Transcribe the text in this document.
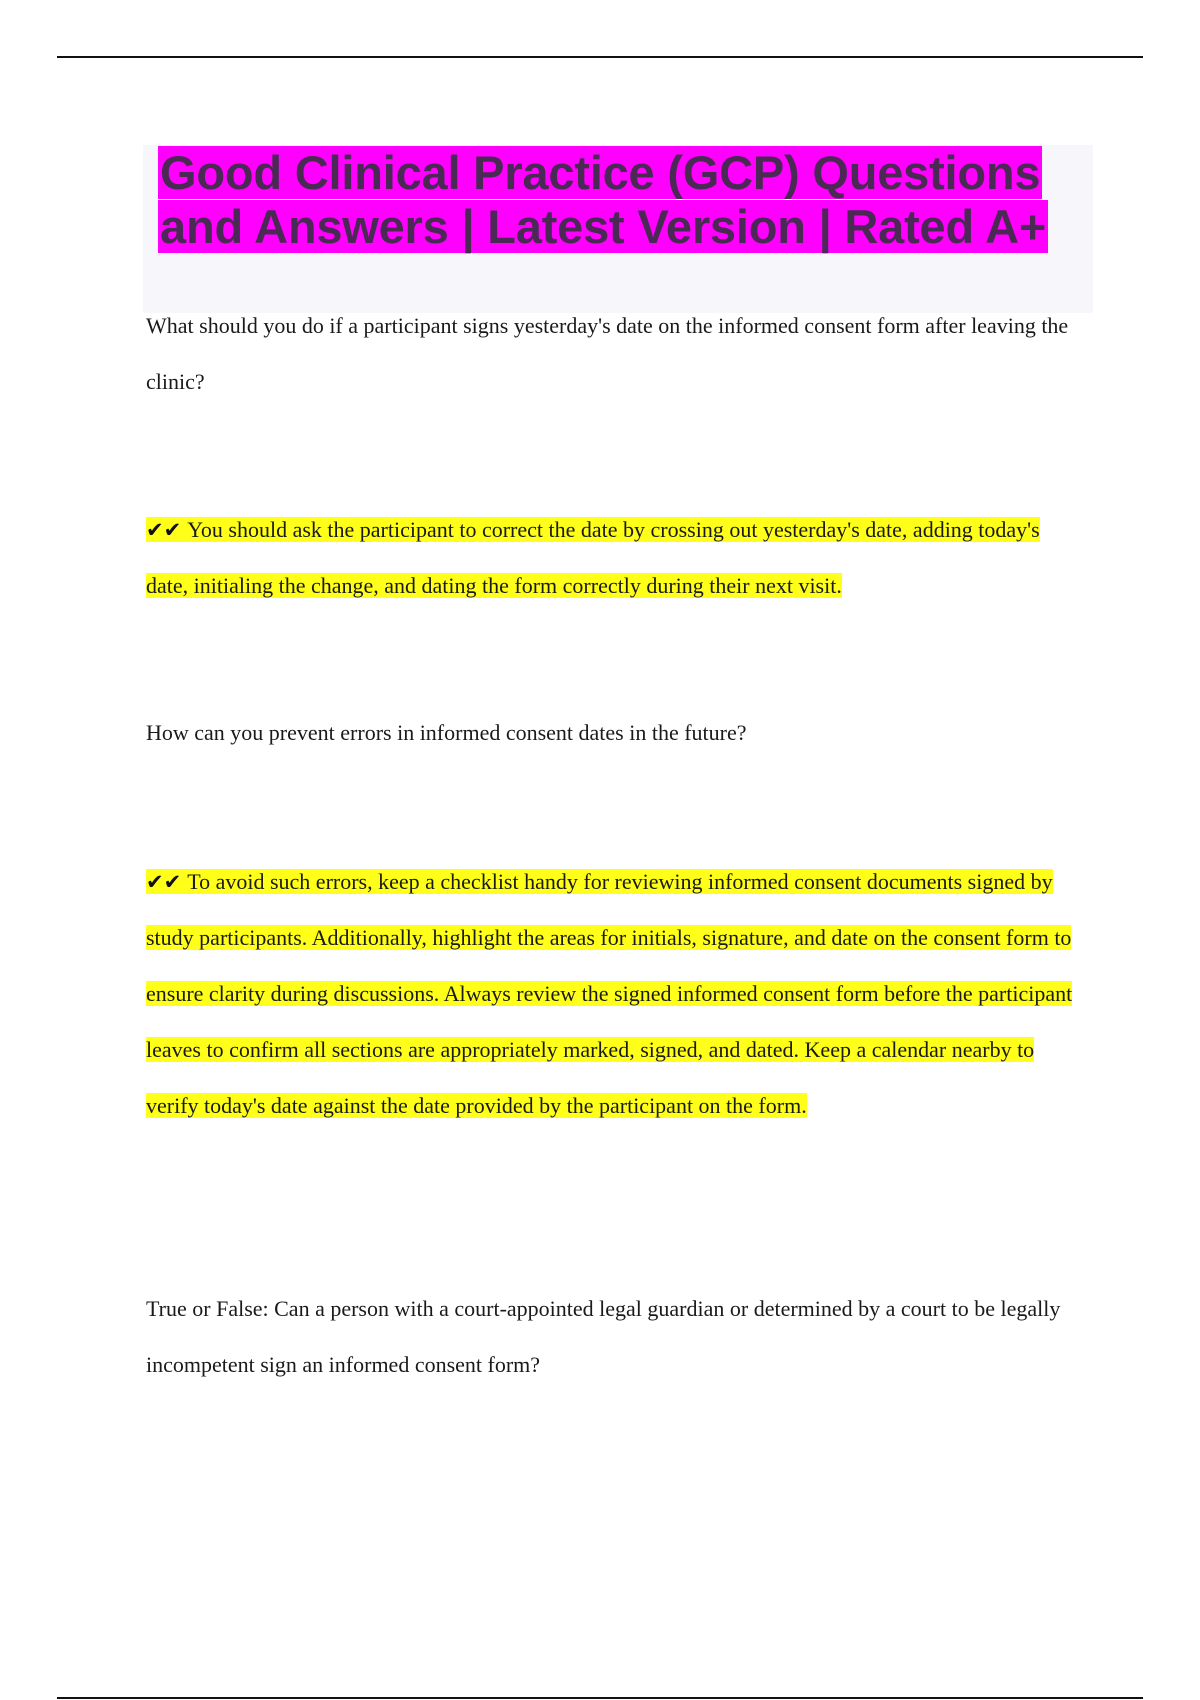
Good Clinical Practice (GCP) Questions and Answers | Latest Version | Rated A+

What should you do if a participant signs yesterday's date on the informed consent form after leaving the clinic?

✔✔ You should ask the participant to correct the date by crossing out yesterday's date, adding today's date, initialing the change, and dating the form correctly during their next visit.

How can you prevent errors in informed consent dates in the future?

✔✔ To avoid such errors, keep a checklist handy for reviewing informed consent documents signed by study participants. Additionally, highlight the areas for initials, signature, and date on the consent form to ensure clarity during discussions. Always review the signed informed consent form before the participant leaves to confirm all sections are appropriately marked, signed, and dated. Keep a calendar nearby to verify today's date against the date provided by the participant on the form.

True or False: Can a person with a court-appointed legal guardian or determined by a court to be legally incompetent sign an informed consent form?
